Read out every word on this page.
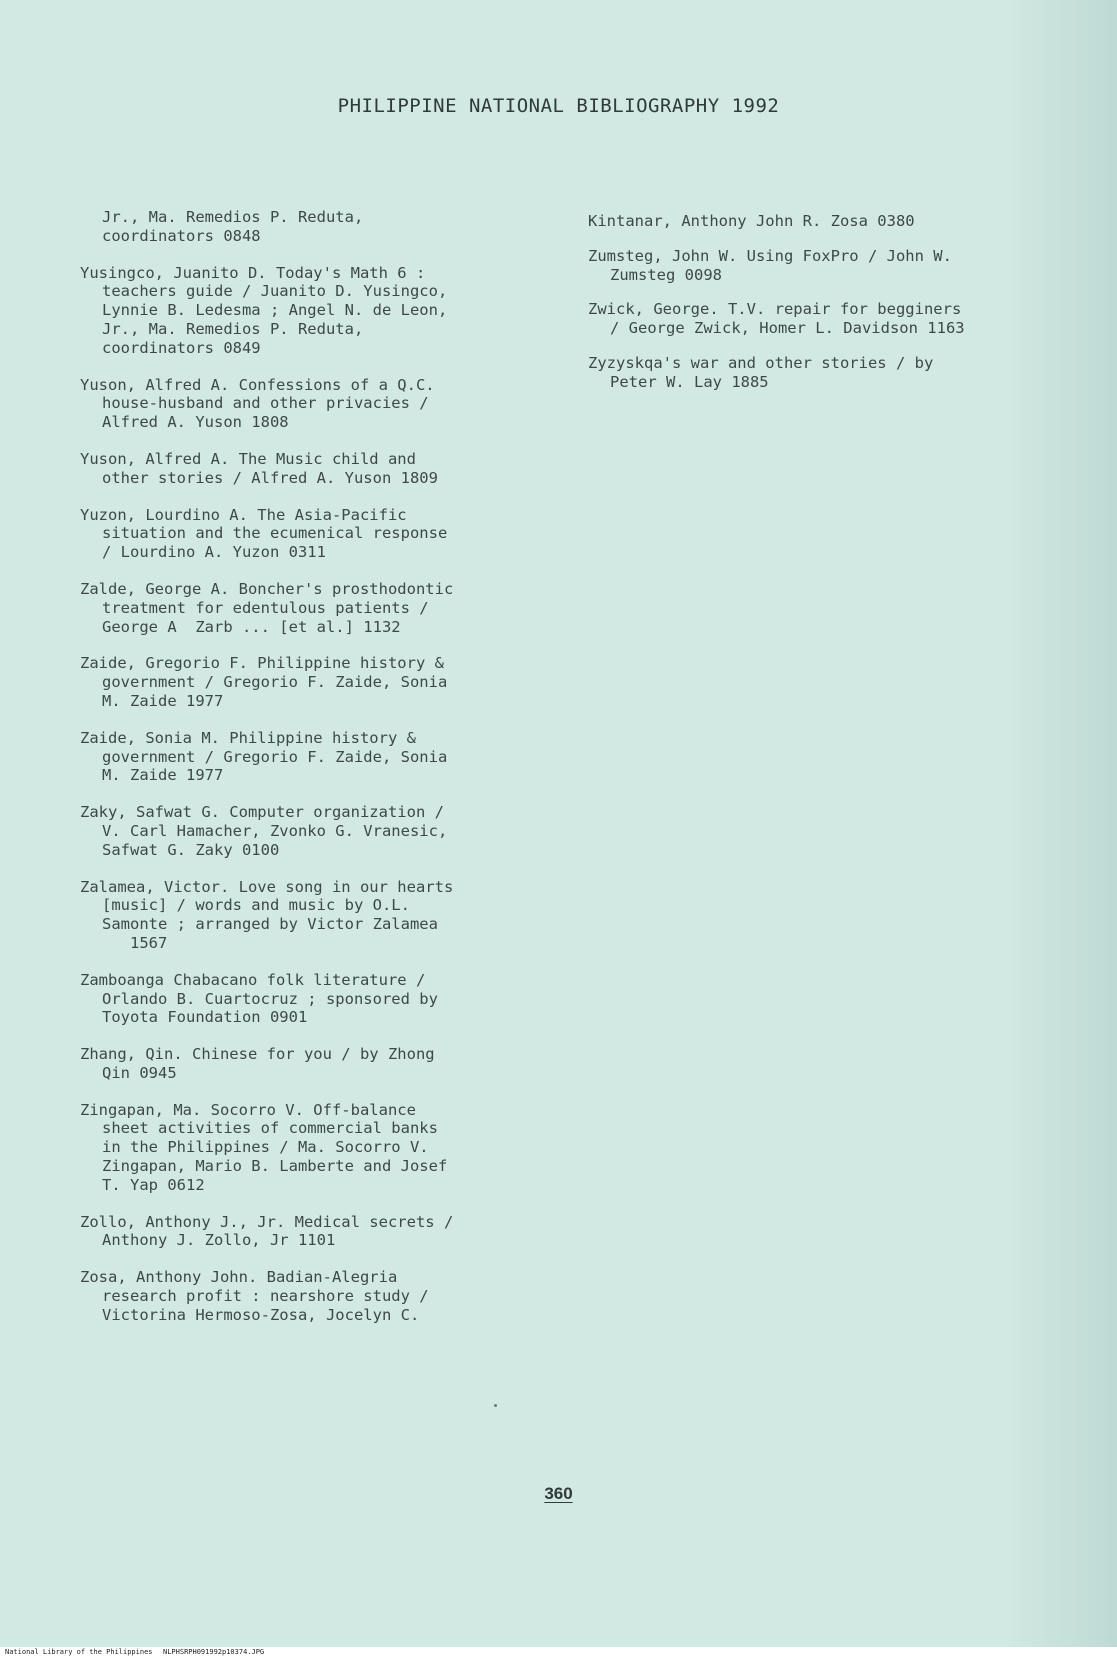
PHILIPPINE NATIONAL BIBLIOGRAPHY 1992

Jr., Ma. Remedios P. Reduta,
coordinators 0848

Yusingco, Juanito D. Today's Math 6 :
teachers guide / Juanito D. Yusingco,
Lynnie B. Ledesma ; Angel N. de Leon,
Jr., Ma. Remedios P. Reduta,
coordinators 0849

Yuson, Alfred A. Confessions of a Q.C.
house-husband and other privacies /
Alfred A. Yuson 1808

Yuson, Alfred A. The Music child and
other stories / Alfred A. Yuson 1809

Yuzon, Lourdino A. The Asia-Pacific
situation and the ecumenical response
/ Lourdino A. Yuzon 0311

Zalde, George A. Boncher's prosthodontic
treatment for edentulous patients /
George A  Zarb ... [et al.] 1132

Zaide, Gregorio F. Philippine history &
government / Gregorio F. Zaide, Sonia
M. Zaide 1977

Zaide, Sonia M. Philippine history &
government / Gregorio F. Zaide, Sonia
M. Zaide 1977

Zaky, Safwat G. Computer organization /
V. Carl Hamacher, Zvonko G. Vranesic,
Safwat G. Zaky 0100

Zalamea, Victor. Love song in our hearts
[music] / words and music by O.L.
Samonte ; arranged by Victor Zalamea
1567

Zamboanga Chabacano folk literature /
Orlando B. Cuartocruz ; sponsored by
Toyota Foundation 0901

Zhang, Qin. Chinese for you / by Zhong
Qin 0945

Zingapan, Ma. Socorro V. Off-balance
sheet activities of commercial banks
in the Philippines / Ma. Socorro V.
Zingapan, Mario B. Lamberte and Josef
T. Yap 0612

Zollo, Anthony J., Jr. Medical secrets /
Anthony J. Zollo, Jr 1101

Zosa, Anthony John. Badian-Alegria
research profit : nearshore study /
Victorina Hermoso-Zosa, Jocelyn C.

Kintanar, Anthony John R. Zosa 0380

Zumsteg, John W. Using FoxPro / John W.
Zumsteg 0098

Zwick, George. T.V. repair for begginers
/ George Zwick, Homer L. Davidson 1163

Zyzyskqa's war and other stories / by
Peter W. Lay 1885

360
National Library of the Philippines	NLPHSRPH091992p10374.JPG
